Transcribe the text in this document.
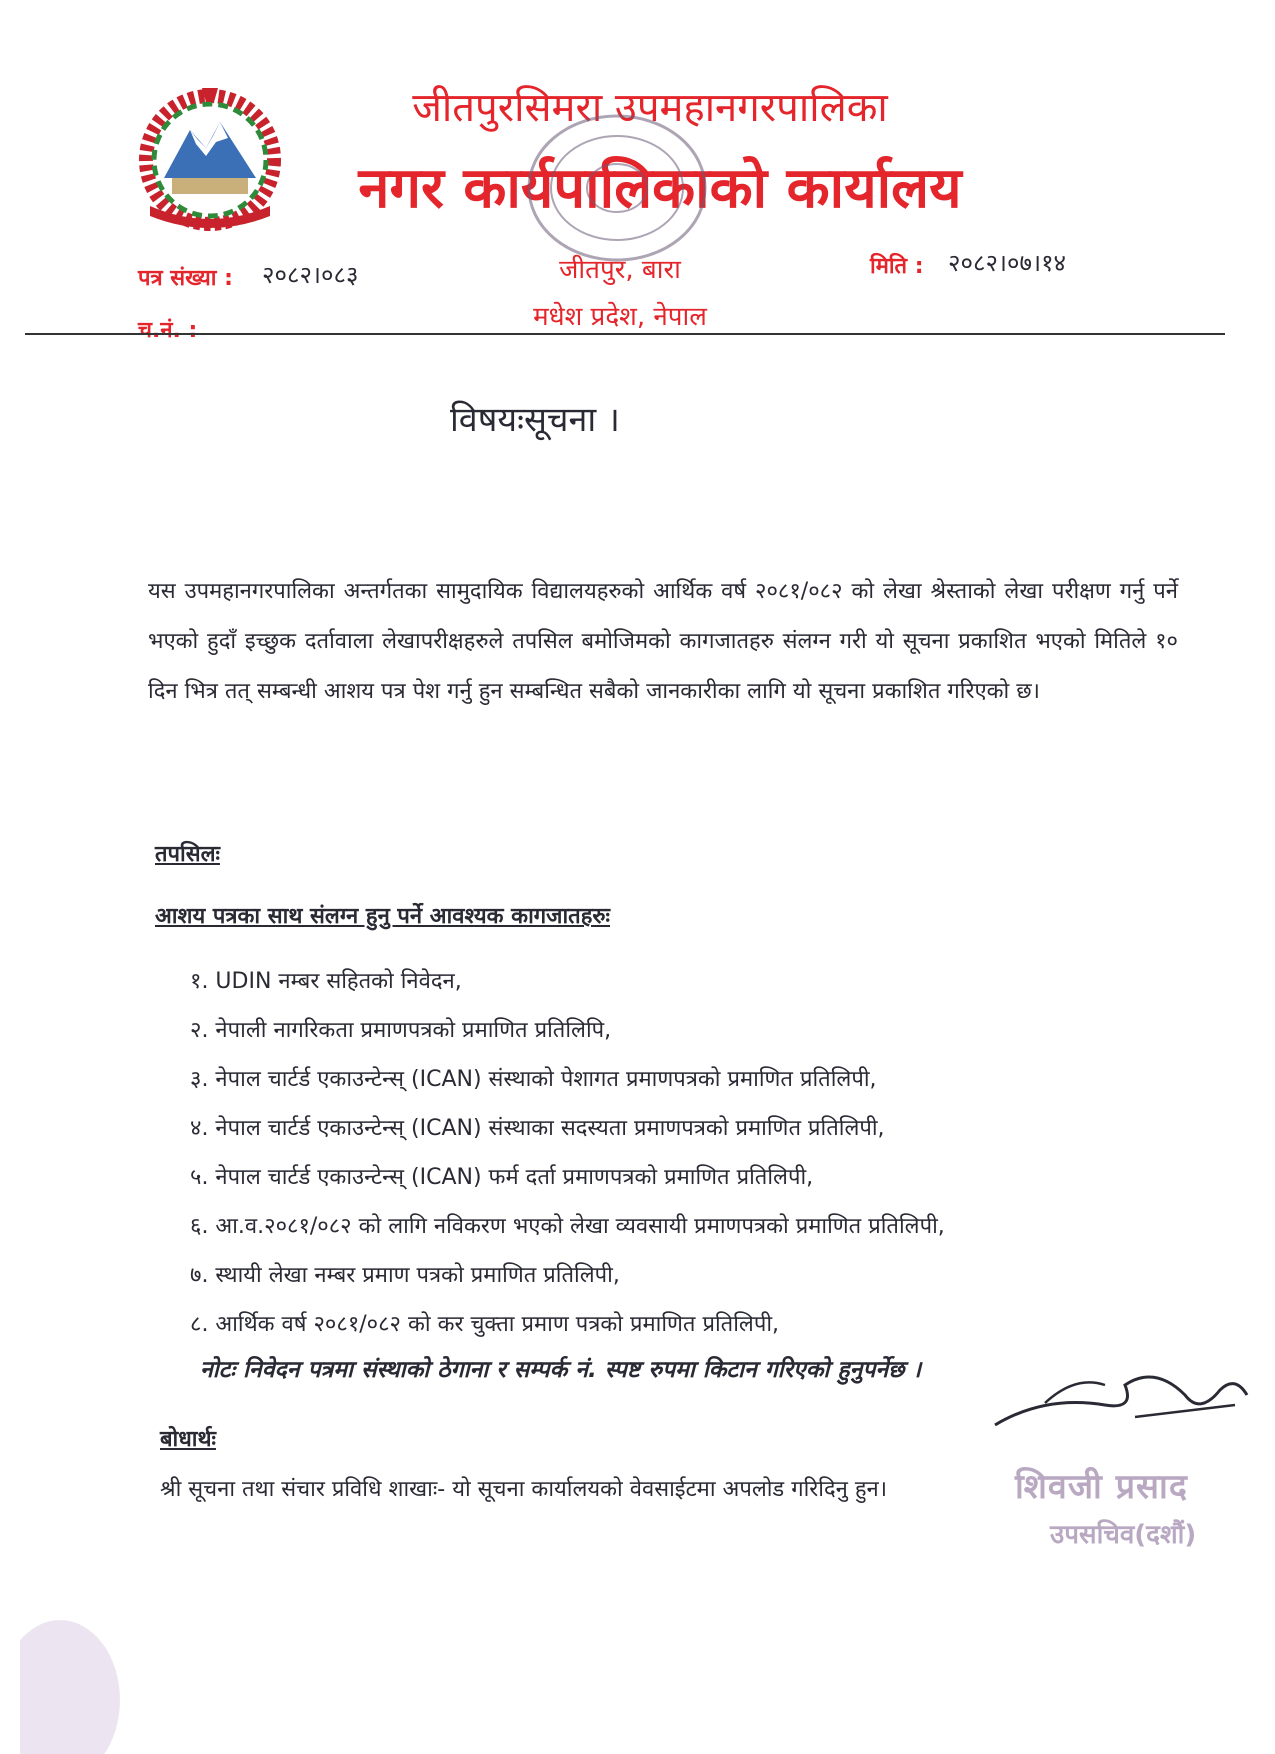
जीतपुरसिमरा उपमहानगरपालिका
नगर कार्यपालिकाको कार्यालय
पत्र संख्या : २०८२।०८३
च.नं. :
मिति : २०८२।०७।१४
जीतपुर, बारा
मधेश प्रदेश, नेपाल
विषयःसूचना ।

यस उपमहानगरपालिका अन्तर्गतका सामुदायिक विद्यालयहरुको आर्थिक वर्ष २०८१/०८२ को लेखा श्रेस्ताको लेखा परीक्षण गर्नु पर्ने भएको हुदाँ इच्छुक दर्तावाला लेखापरीक्षहरुले तपसिल बमोजिमको कागजातहरु संलग्न गरी यो सूचना प्रकाशित भएको मितिले १० दिन भित्र तत् सम्बन्धी आशय पत्र पेश गर्नु हुन सम्बन्धित सबैको जानकारीका लागि यो सूचना प्रकाशित गरिएको छ।

तपसिलः
आशय पत्रका साथ संलग्न हुनु पर्ने आवश्यक कागजातहरुः
१. UDIN नम्बर सहितको निवेदन,
२. नेपाली नागरिकता प्रमाणपत्रको प्रमाणित प्रतिलिपि,
३. नेपाल चार्टर्ड एकाउन्टेन्स् (ICAN) संस्थाको पेशागत प्रमाणपत्रको प्रमाणित प्रतिलिपी,
४. नेपाल चार्टर्ड एकाउन्टेन्स् (ICAN) संस्थाका सदस्यता प्रमाणपत्रको प्रमाणित प्रतिलिपी,
५. नेपाल चार्टर्ड एकाउन्टेन्स् (ICAN) फर्म दर्ता प्रमाणपत्रको प्रमाणित प्रतिलिपी,
६. आ.व.२०८१/०८२ को लागि नविकरण भएको लेखा व्यवसायी प्रमाणपत्रको प्रमाणित प्रतिलिपी,
७. स्थायी लेखा नम्बर प्रमाण पत्रको प्रमाणित प्रतिलिपी,
८. आर्थिक वर्ष २०८१/०८२ को कर चुक्ता प्रमाण पत्रको प्रमाणित प्रतिलिपी,
नोटः निवेदन पत्रमा संस्थाको ठेगाना र सम्पर्क नं. स्पष्ट रुपमा किटान गरिएको हुनुपर्नेछ ।
बोधार्थः
श्री सूचना तथा संचार प्रविधि शाखाः- यो सूचना कार्यालयको वेवसाईटमा अपलोड गरिदिनु हुन।	शिवजी प्रसाद
उपसचिव(दशौं)
